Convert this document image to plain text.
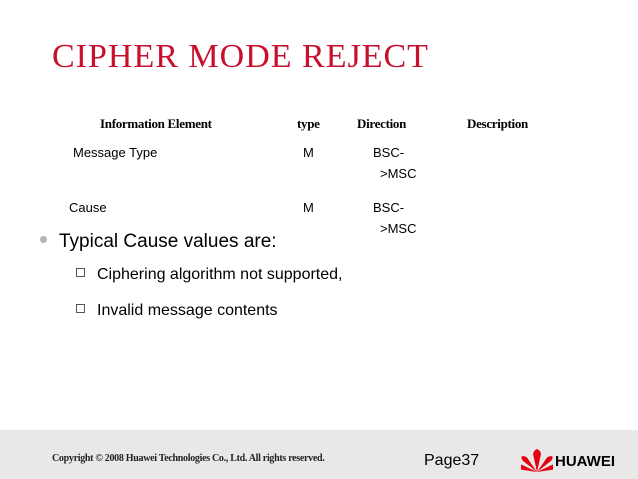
CIPHER MODE REJECT
Information Element	type	Direction	Description
Message Type	M	BSC-
>MSC
Cause	M	BSC-
>MSC
Typical Cause values are:
Ciphering algorithm not supported,
Invalid message contents
Copyright © 2008 Huawei Technologies Co., Ltd. All rights reserved.	Page37	HUAWEI
